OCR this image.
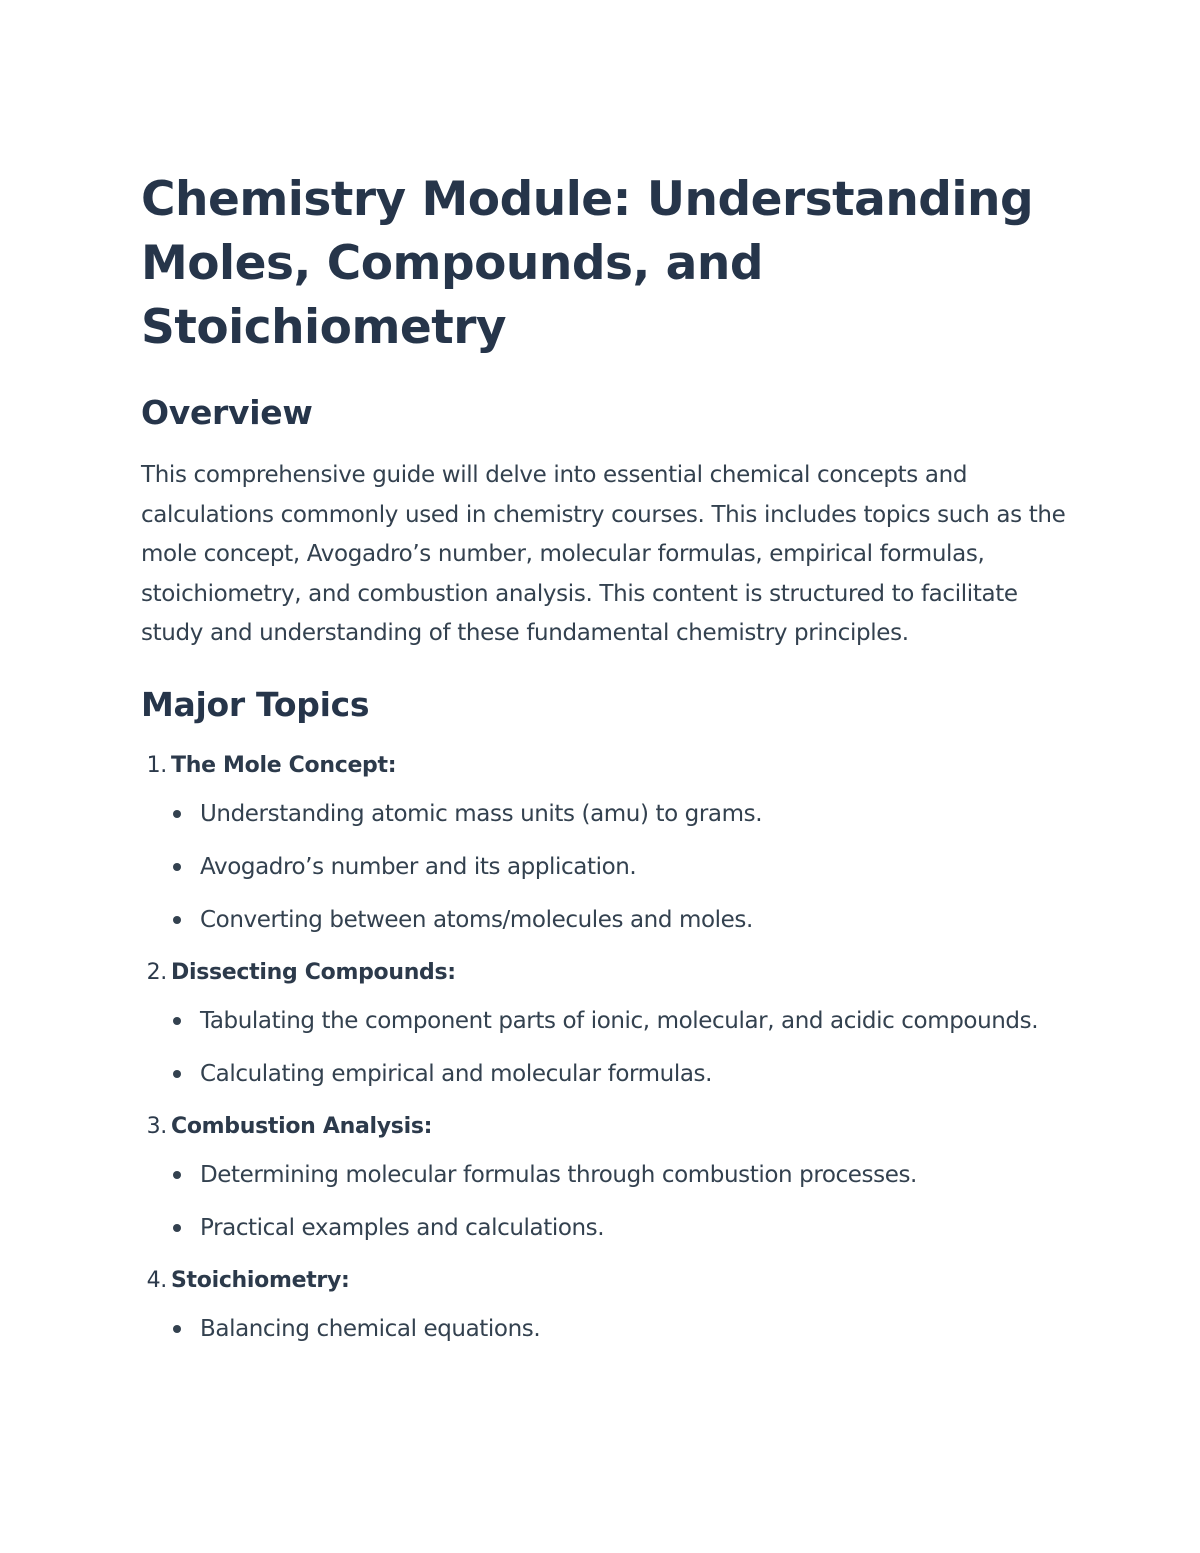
Chemistry Module: Understanding Moles, Compounds, and Stoichiometry
Overview

This comprehensive guide will delve into essential chemical concepts and calculations commonly used in chemistry courses. This includes topics such as the mole concept, Avogadro’s number, molecular formulas, empirical formulas, stoichiometry, and combustion analysis. This content is structured to facilitate study and understanding of these fundamental chemistry principles.

Major Topics
1. The Mole Concept:
Understanding atomic mass units (amu) to grams.
Avogadro’s number and its application.
Converting between atoms/molecules and moles.
2. Dissecting Compounds:
Tabulating the component parts of ionic, molecular, and acidic compounds.
Calculating empirical and molecular formulas.
3. Combustion Analysis:
Determining molecular formulas through combustion processes.
Practical examples and calculations.
4. Stoichiometry:
Balancing chemical equations.
